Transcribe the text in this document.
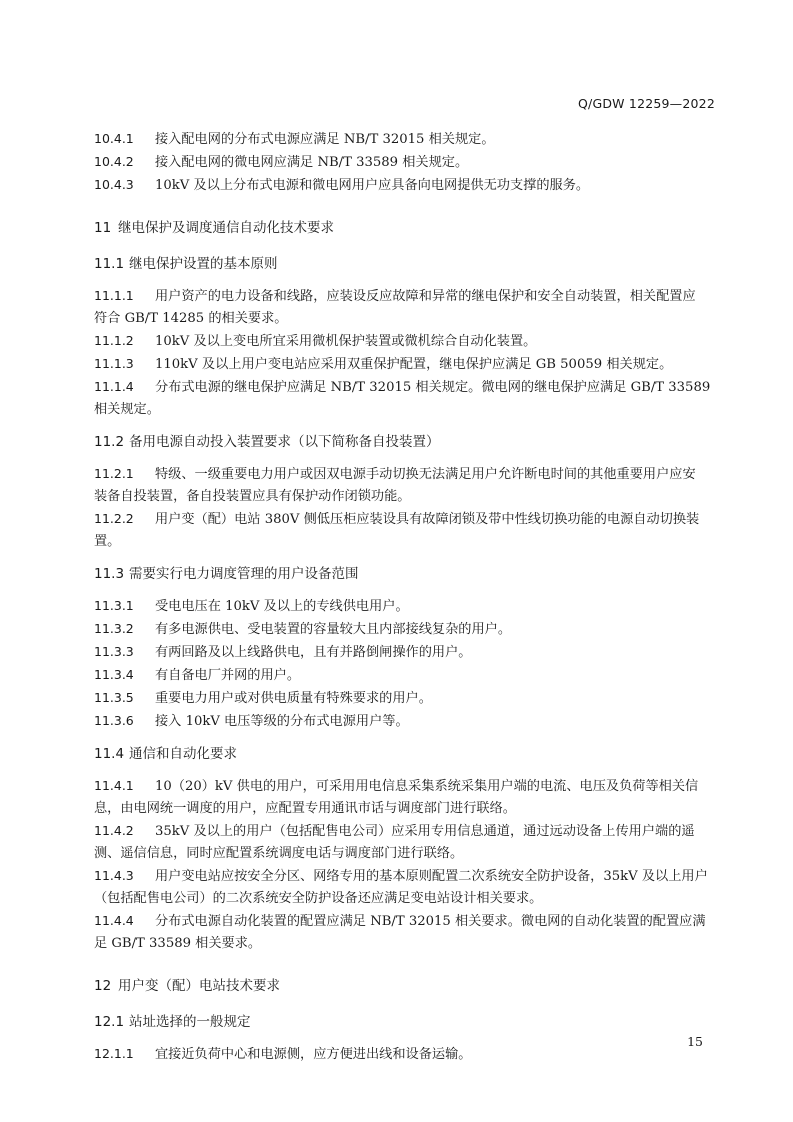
Q/GDW 12259—2022
10.4.1 接入配电网的分布式电源应满足 NB/T 32015 相关规定。
10.4.2 接入配电网的微电网应满足 NB/T 33589 相关规定。
10.4.3 10kV 及以上分布式电源和微电网用户应具备向电网提供无功支撑的服务。
11 继电保护及调度通信自动化技术要求
11.1 继电保护设置的基本原则
11.1.1 用户资产的电力设备和线路，应装设反应故障和异常的继电保护和安全自动装置，相关配置应
符合 GB/T 14285 的相关要求。
11.1.2 10kV 及以上变电所宜采用微机保护装置或微机综合自动化装置。
11.1.3 110kV 及以上用户变电站应采用双重保护配置，继电保护应满足 GB 50059 相关规定。
11.1.4 分布式电源的继电保护应满足 NB/T 32015 相关规定。微电网的继电保护应满足 GB/T 33589
相关规定。
11.2 备用电源自动投入装置要求（以下简称备自投装置）
11.2.1 特级、一级重要电力用户或因双电源手动切换无法满足用户允许断电时间的其他重要用户应安
装备自投装置，备自投装置应具有保护动作闭锁功能。
11.2.2 用户变（配）电站 380V 侧低压柜应装设具有故障闭锁及带中性线切换功能的电源自动切换装
置。
11.3 需要实行电力调度管理的用户设备范围
11.3.1 受电电压在 10kV 及以上的专线供电用户。
11.3.2 有多电源供电、受电装置的容量较大且内部接线复杂的用户。
11.3.3 有两回路及以上线路供电，且有并路倒闸操作的用户。
11.3.4 有自备电厂并网的用户。
11.3.5 重要电力用户或对供电质量有特殊要求的用户。
11.3.6 接入 10kV 电压等级的分布式电源用户等。
11.4 通信和自动化要求
11.4.1 10（20）kV 供电的用户，可采用用电信息采集系统采集用户端的电流、电压及负荷等相关信
息，由电网统一调度的用户，应配置专用通讯市话与调度部门进行联络。
11.4.2 35kV 及以上的用户（包括配售电公司）应采用专用信息通道，通过远动设备上传用户端的遥
测、遥信信息，同时应配置系统调度电话与调度部门进行联络。
11.4.3 用户变电站应按安全分区、网络专用的基本原则配置二次系统安全防护设备，35kV 及以上用户
（包括配售电公司）的二次系统安全防护设备还应满足变电站设计相关要求。
11.4.4 分布式电源自动化装置的配置应满足 NB/T 32015 相关要求。微电网的自动化装置的配置应满
足 GB/T 33589 相关要求。
12 用户变（配）电站技术要求
12.1 站址选择的一般规定
12.1.1 宜接近负荷中心和电源侧，应方便进出线和设备运输。
15
